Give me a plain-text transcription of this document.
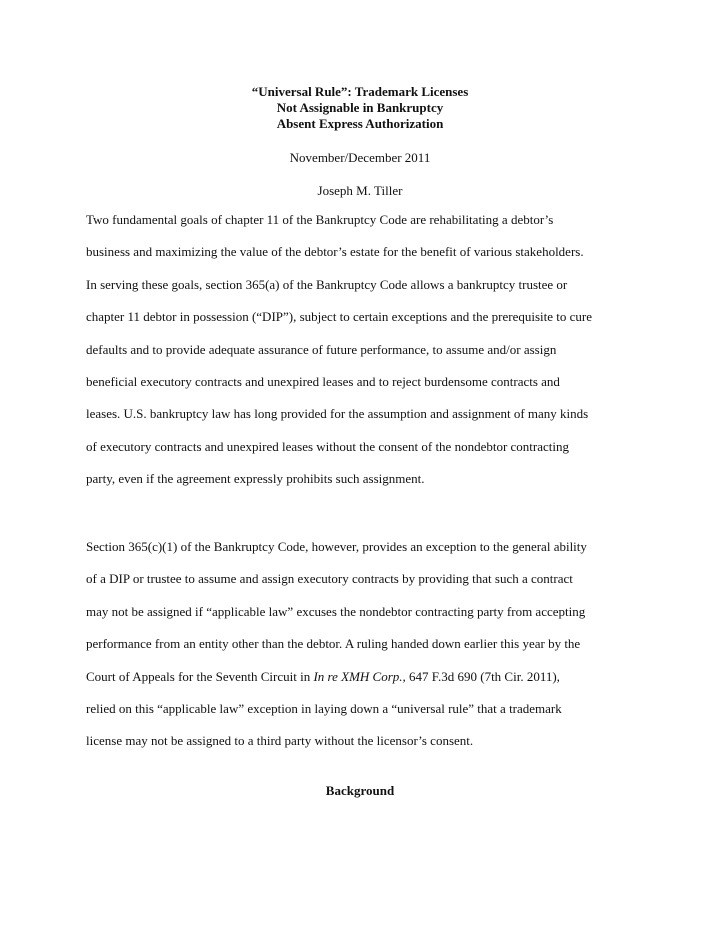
“Universal Rule”: Trademark Licenses
Not Assignable in Bankruptcy
Absent Express Authorization
November/December 2011
Joseph M. Tiller
Two fundamental goals of chapter 11 of the Bankruptcy Code are rehabilitating a debtor’s
business and maximizing the value of the debtor’s estate for the benefit of various stakeholders.
In serving these goals, section 365(a) of the Bankruptcy Code allows a bankruptcy trustee or
chapter 11 debtor in possession (“DIP”), subject to certain exceptions and the prerequisite to cure
defaults and to provide adequate assurance of future performance, to assume and/or assign
beneficial executory contracts and unexpired leases and to reject burdensome contracts and
leases. U.S. bankruptcy law has long provided for the assumption and assignment of many kinds
of executory contracts and unexpired leases without the consent of the nondebtor contracting
party, even if the agreement expressly prohibits such assignment.
Section 365(c)(1) of the Bankruptcy Code, however, provides an exception to the general ability
of a DIP or trustee to assume and assign executory contracts by providing that such a contract
may not be assigned if “applicable law” excuses the nondebtor contracting party from accepting
performance from an entity other than the debtor. A ruling handed down earlier this year by the
Court of Appeals for the Seventh Circuit in In re XMH Corp., 647 F.3d 690 (7th Cir. 2011),
relied on this “applicable law” exception in laying down a “universal rule” that a trademark
license may not be assigned to a third party without the licensor’s consent.
Background
